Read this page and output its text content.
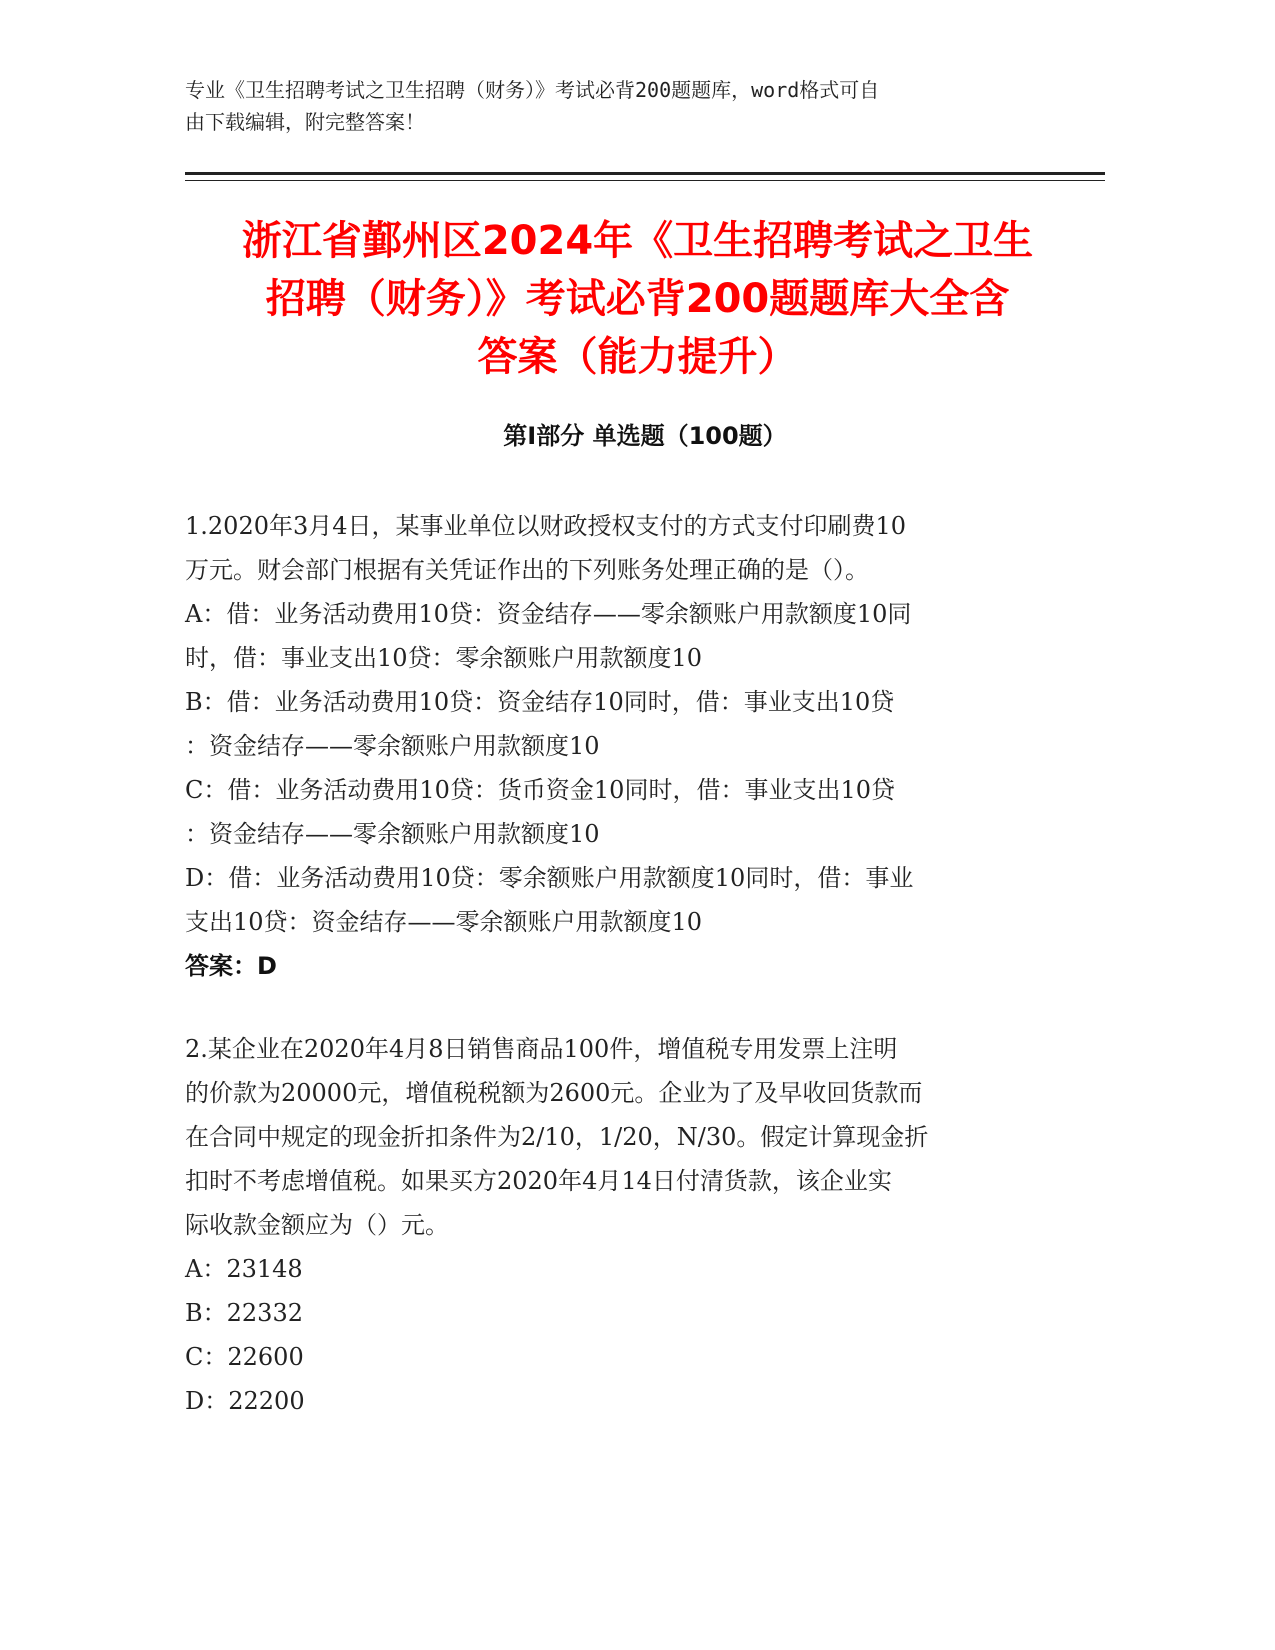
专业《卫生招聘考试之卫生招聘（财务）》考试必背200题题库，word格式可自
由下载编辑，附完整答案！
浙江省鄞州区2024年《卫生招聘考试之卫生
招聘（财务）》考试必背200题题库大全含
答案（能力提升）
第I部分 单选题（100题）
1.2020年3月4日，某事业单位以财政授权支付的方式支付印刷费10
万元。财会部门根据有关凭证作出的下列账务处理正确的是（）。
A：借：业务活动费用10贷：资金结存——零余额账户用款额度10同
时，借：事业支出10贷：零余额账户用款额度10
B：借：业务活动费用10贷：资金结存10同时，借：事业支出10贷
：资金结存——零余额账户用款额度10
C：借：业务活动费用10贷：货币资金10同时，借：事业支出10贷
：资金结存——零余额账户用款额度10
D：借：业务活动费用10贷：零余额账户用款额度10同时，借：事业
支出10贷：资金结存——零余额账户用款额度10
答案：D
2.某企业在2020年4月8日销售商品100件，增值税专用发票上注明
的价款为20000元，增值税税额为2600元。企业为了及早收回货款而
在合同中规定的现金折扣条件为2/10，1/20，N/30。假定计算现金折
扣时不考虑增值税。如果买方2020年4月14日付清货款，该企业实
际收款金额应为（）元。
A：23148
B：22332
C：22600
D：22200
